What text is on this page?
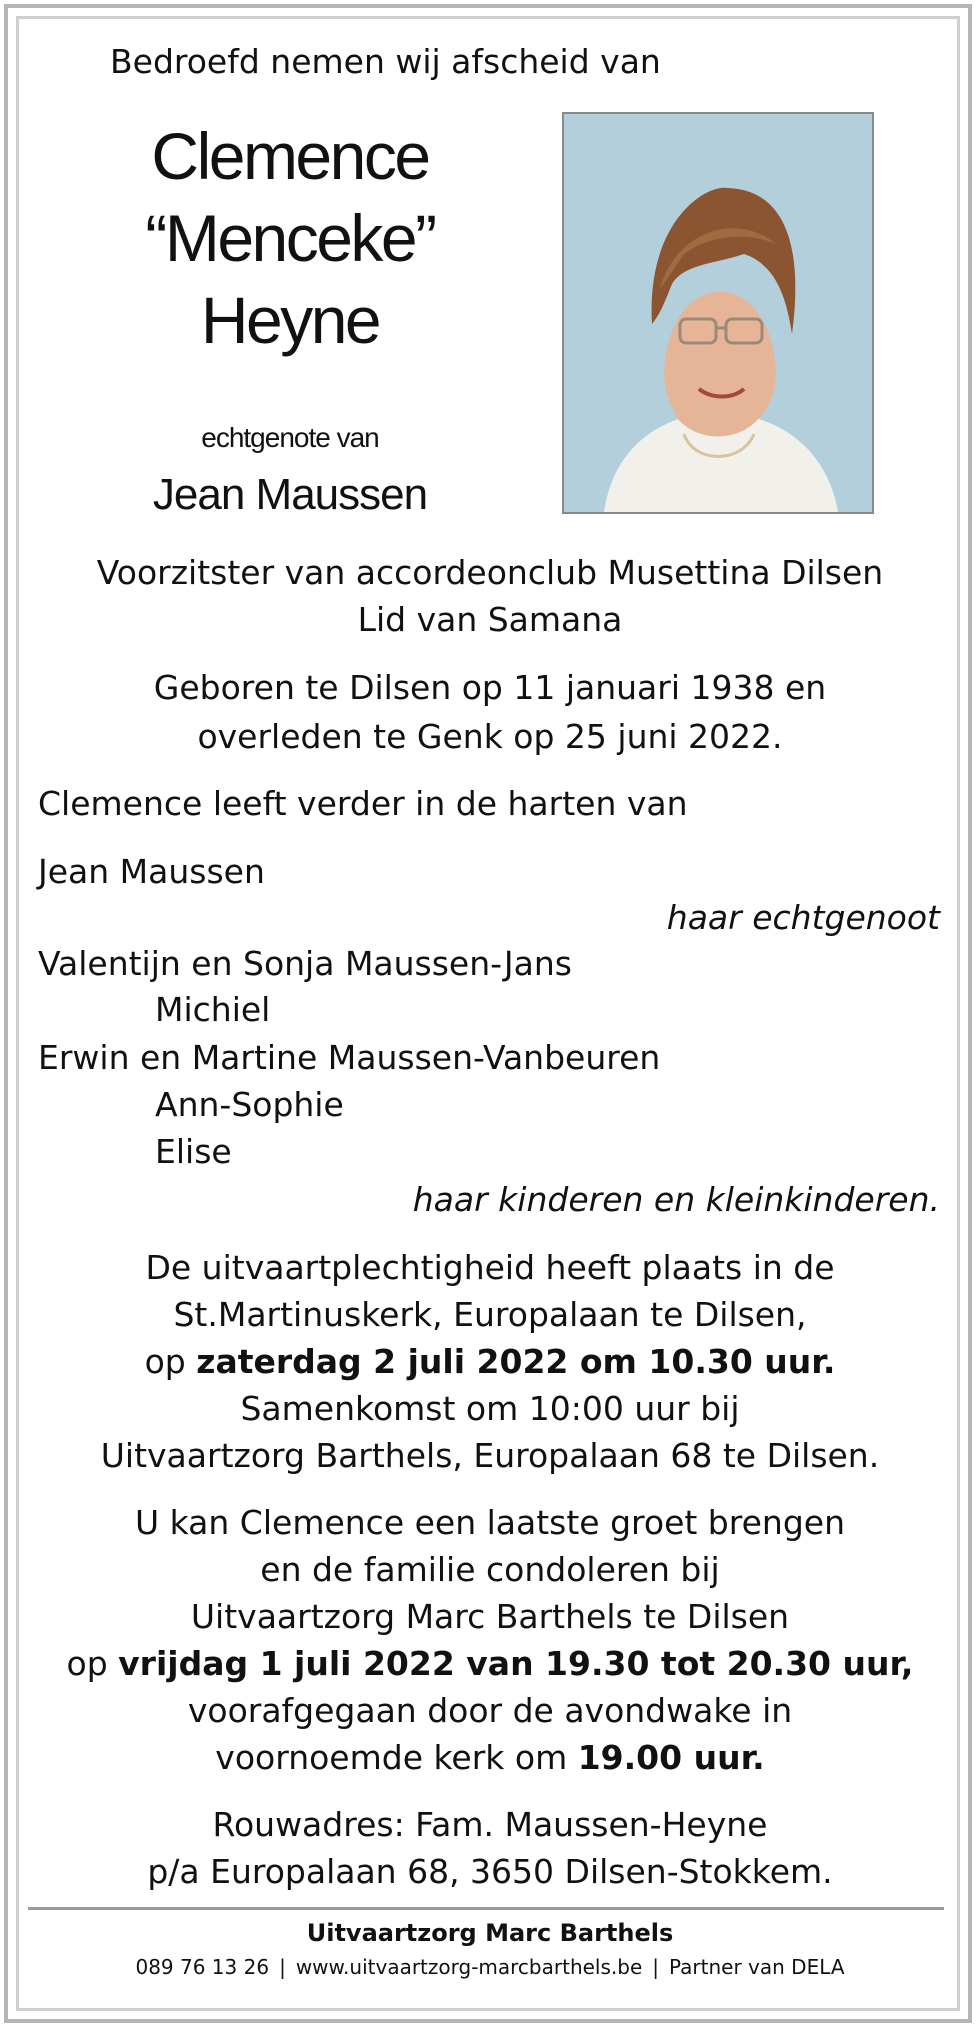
Bedroefd nemen wij afscheid van
Clemence
“Menceke”
Heyne
echtgenote van
Jean Maussen
Voorzitster van accordeonclub Musettina Dilsen
Lid van Samana
Geboren te Dilsen op 11 januari 1938 en
overleden te Genk op 25 juni 2022.
Clemence leeft verder in de harten van
Jean Maussen
haar echtgenoot
Valentijn en Sonja Maussen-Jans
Michiel
Erwin en Martine Maussen-Vanbeuren
Ann-Sophie
Elise
haar kinderen en kleinkinderen.
De uitvaartplechtigheid heeft plaats in de
St.Martinuskerk, Europalaan te Dilsen,
op zaterdag 2 juli 2022 om 10.30 uur.
Samenkomst om 10:00 uur bij
Uitvaartzorg Barthels, Europalaan 68 te Dilsen.
U kan Clemence een laatste groet brengen
en de familie condoleren bij
Uitvaartzorg Marc Barthels te Dilsen
op vrijdag 1 juli 2022 van 19.30 tot 20.30 uur,
voorafgegaan door de avondwake in
voornoemde kerk om 19.00 uur.
Rouwadres: Fam. Maussen-Heyne
p/a Europalaan 68, 3650 Dilsen-Stokkem.
Uitvaartzorg Marc Barthels
089 76 13 26 | www.uitvaartzorg-marcbarthels.be | Partner van DELA
